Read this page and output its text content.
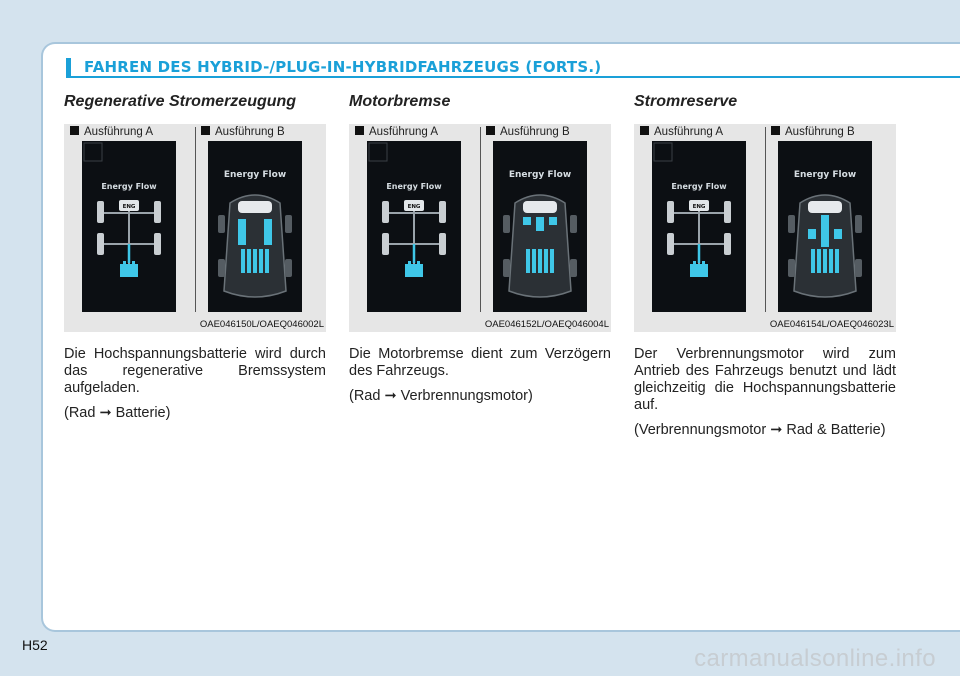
FAHREN DES HYBRID-/PLUG-IN-HYBRIDFAHRZEUGS (FORTS.)
Regenerative Stromerzeugung
Ausführung A	Ausführung B
Energy Flow
ENG
Energy Flow
OAE046150L/OAEQ046002L

Die Hochspannungsbatterie wird durch das regenerative Bremssystem aufgeladen.

(Rad ➞ Batterie)

Motorbremse
Ausführung A	Ausführung B
Energy Flow
ENG
Energy Flow
OAE046152L/OAEQ046004L

Die Motorbremse dient zum Verzögern des Fahrzeugs.

(Rad ➞ Verbrennungsmotor)

Stromreserve
Ausführung A	Ausführung B
Energy Flow
ENG
Energy Flow
OAE046154L/OAEQ046023L

Der Verbrennungsmotor wird zum Antrieb des Fahrzeugs benutzt und lädt gleichzeitig die Hochspannungsbatterie auf.

(Verbrennungsmotor ➞ Rad & Batterie)

H52	carmanualsonline.info
